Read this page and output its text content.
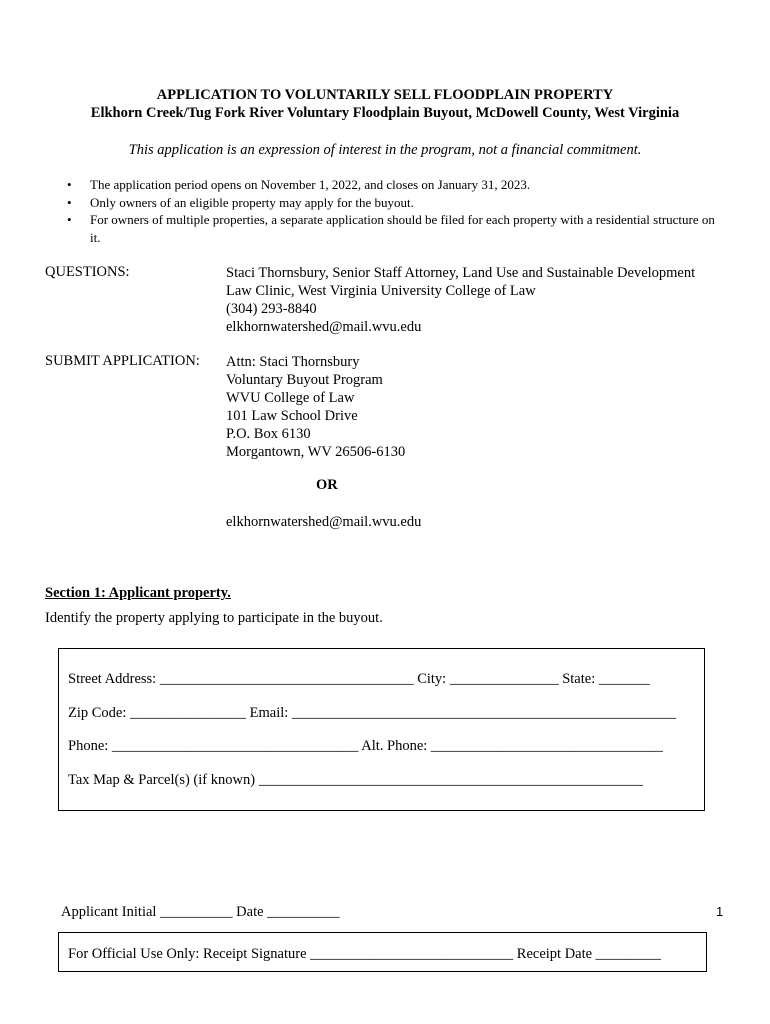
APPLICATION TO VOLUNTARILY SELL FLOODPLAIN PROPERTY
Elkhorn Creek/Tug Fork River Voluntary Floodplain Buyout, McDowell County, West Virginia
This application is an expression of interest in the program, not a financial commitment.
• The application period opens on November 1, 2022, and closes on January 31, 2023.
• Only owners of an eligible property may apply for the buyout.
• For owners of multiple properties, a separate application should be filed for each property with a residential structure on it.
QUESTIONS:	Staci Thornsbury, Senior Staff Attorney, Land Use and Sustainable Development
Law Clinic, West Virginia University College of Law
(304) 293-8840
elkhornwatershed@mail.wvu.edu
SUBMIT APPLICATION: Attn: Staci Thornsbury
Voluntary Buyout Program
WVU College of Law
101 Law School Drive
P.O. Box 6130
Morgantown, WV 26506-6130
OR
elkhornwatershed@mail.wvu.edu
Section 1: Applicant property.
Identify the property applying to participate in the buyout.
Street Address: ___________________________________ City: _______________ State: _______
Zip Code: ________________ Email: _____________________________________________________
Phone: __________________________________ Alt. Phone: ________________________________
Tax Map & Parcel(s) (if known) _____________________________________________________
Applicant Initial __________ Date __________	1
For Official Use Only: Receipt Signature ____________________________ Receipt Date _________
